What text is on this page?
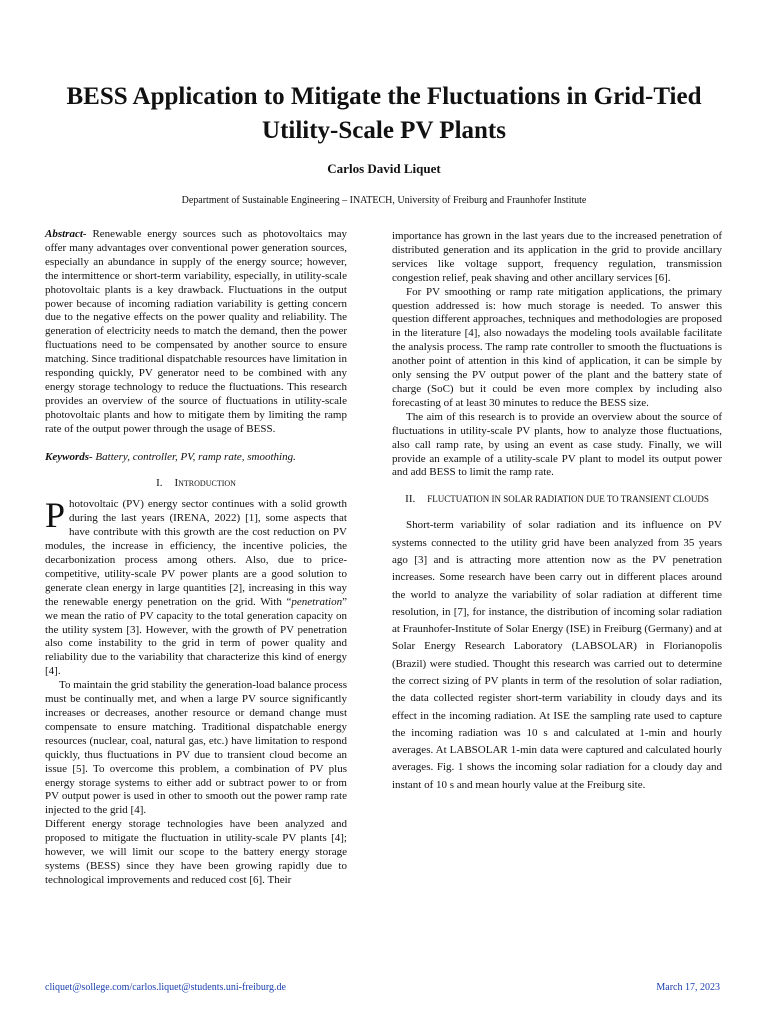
BESS Application to Mitigate the Fluctuations in Grid-Tied Utility-Scale PV Plants
Carlos David Liquet
Department of Sustainable Engineering – INATECH, University of Freiburg and Fraunhofer Institute

Abstract- Renewable energy sources such as photovoltaics may offer many advantages over conventional power generation sources, especially an abundance in supply of the energy source; however, the intermittence or short-term variability, especially, in utility-scale photovoltaic plants is a key drawback. Fluctuations in the output power because of incoming radiation variability is getting concern due to the negative effects on the power quality and reliability. The generation of electricity needs to match the demand, then the power fluctuations need to be compensated by another source to ensure matching. Since traditional dispatchable resources have limitation in responding quickly, PV generator need to be combined with any energy storage technology to reduce the fluctuations. This research provides an overview of the source of fluctuations in utility-scale photovoltaic plants and how to mitigate them by limiting the ramp rate of the output power through the usage of BESS.

Keywords- Battery, controller, PV, ramp rate, smoothing.

I. Introduction

Photovoltaic (PV) energy sector continues with a solid growth during the last years (IRENA, 2022) [1], some aspects that have contribute with this growth are the cost reduction on PV modules, the increase in efficiency, the incentive policies, the decarbonization process among others. Also, due to price-competitive, utility-scale PV power plants are a good solution to generate clean energy in large quantities [2], increasing in this way the renewable energy penetration on the grid. With “penetration” we mean the ratio of PV capacity to the total generation capacity on the utility system [3]. However, with the growth of PV penetration also come instability to the grid in term of power quality and reliability due to the variability that characterize this kind of energy [4].

To maintain the grid stability the generation-load balance process must be continually met, and when a large PV source significantly increases or decreases, another resource or demand change must compensate to ensure matching. Traditional dispatchable energy resources (nuclear, coal, natural gas, etc.) have limitation to respond quickly, thus fluctuations in PV due to transient cloud become an issue [5]. To overcome this problem, a combination of PV plus energy storage systems to either add or subtract power to or from PV output power is used in other to smooth out the power ramp rate injected to the grid [4].

Different energy storage technologies have been analyzed and proposed to mitigate the fluctuation in utility-scale PV plants [4]; however, we will limit our scope to the battery energy storage systems (BESS) since they have been growing rapidly due to technological improvements and reduced cost [6]. Their

importance has grown in the last years due to the increased penetration of distributed generation and its application in the grid to provide ancillary services like voltage support, frequency regulation, transmission congestion relief, peak shaving and other ancillary services [6].

For PV smoothing or ramp rate mitigation applications, the primary question addressed is: how much storage is needed. To answer this question different approaches, techniques and methodologies are proposed in the literature [4], also nowadays the modeling tools available facilitate the analysis process. The ramp rate controller to smooth the fluctuations is another point of attention in this kind of application, it can be simple by only sensing the PV output power of the plant and the battery state of charge (SoC) but it could be even more complex by including also forecasting of at least 30 minutes to reduce the BESS size.

The aim of this research is to provide an overview about the source of fluctuations in utility-scale PV plants, how to analyze those fluctuations, also call ramp rate, by using an event as case study. Finally, we will provide an example of a utility-scale PV plant to model its output power and add BESS to limit the ramp rate.

II. FLUCTUATION IN SOLAR RADIATION DUE TO TRANSIENT CLOUDS

Short-term variability of solar radiation and its influence on PV systems connected to the utility grid have been analyzed from 35 years ago [3] and is attracting more attention now as the PV penetration increases. Some research have been carry out in different places around the world to analyze the variability of solar radiation at different time resolution, in [7], for instance, the distribution of incoming solar radiation at Fraunhofer-Institute of Solar Energy (ISE) in Freiburg (Germany) and at Solar Energy Research Laboratory (LABSOLAR) in Florianopolis (Brazil) were studied. Thought this research was carried out to determine the correct sizing of PV plants in term of the resolution of solar radiation, the data collected register short-term variability in cloudy days and its effect in the incoming radiation. At ISE the sampling rate used to capture the incoming radiation was 10 s and calculated at 1-min and hourly averages. At LABSOLAR 1-min data were captured and calculated hourly averages. Fig. 1 shows the incoming solar radiation for a cloudy day and instant of 10 s and mean hourly value at the Freiburg site.

cliquet@sollege.com/carlos.liquet@students.uni-freiburg.de	March 17, 2023
